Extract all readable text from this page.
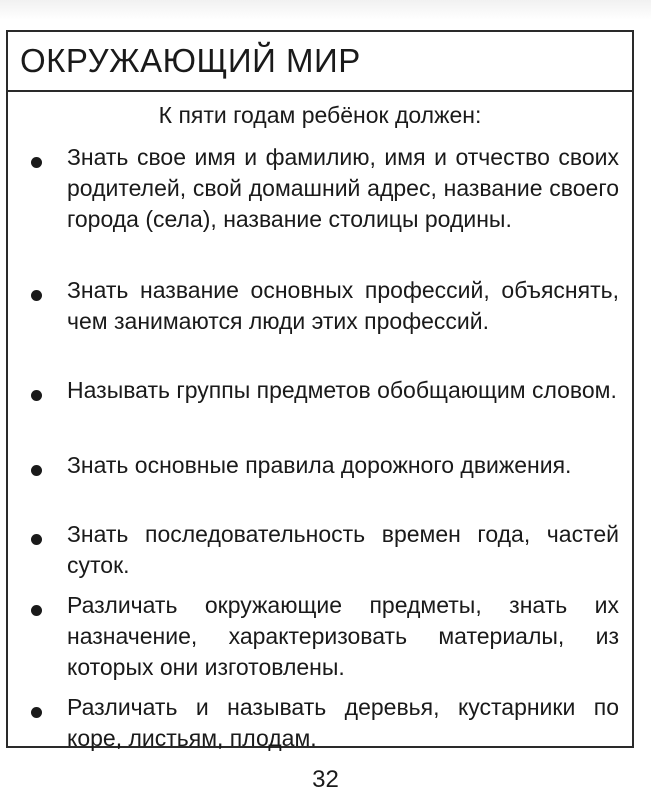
ОКРУЖАЮЩИЙ МИР
К пяти годам ребёнок должен:
Знать свое имя и фамилию, имя и отчество своих родителей, свой домашний адрес, название своего города (села), название столицы родины.
Знать название основных профессий, объяснять, чем занимаются люди этих профессий.
Называть группы предметов обобщающим словом.
Знать основные правила дорожного движения.
Знать последовательность времен года, частей суток.
Различать окружающие предметы, знать их назначение, характеризовать материалы, из которых они изготовлены.
Различать и называть деревья, кустарники по коре, листьям, плодам.
32
